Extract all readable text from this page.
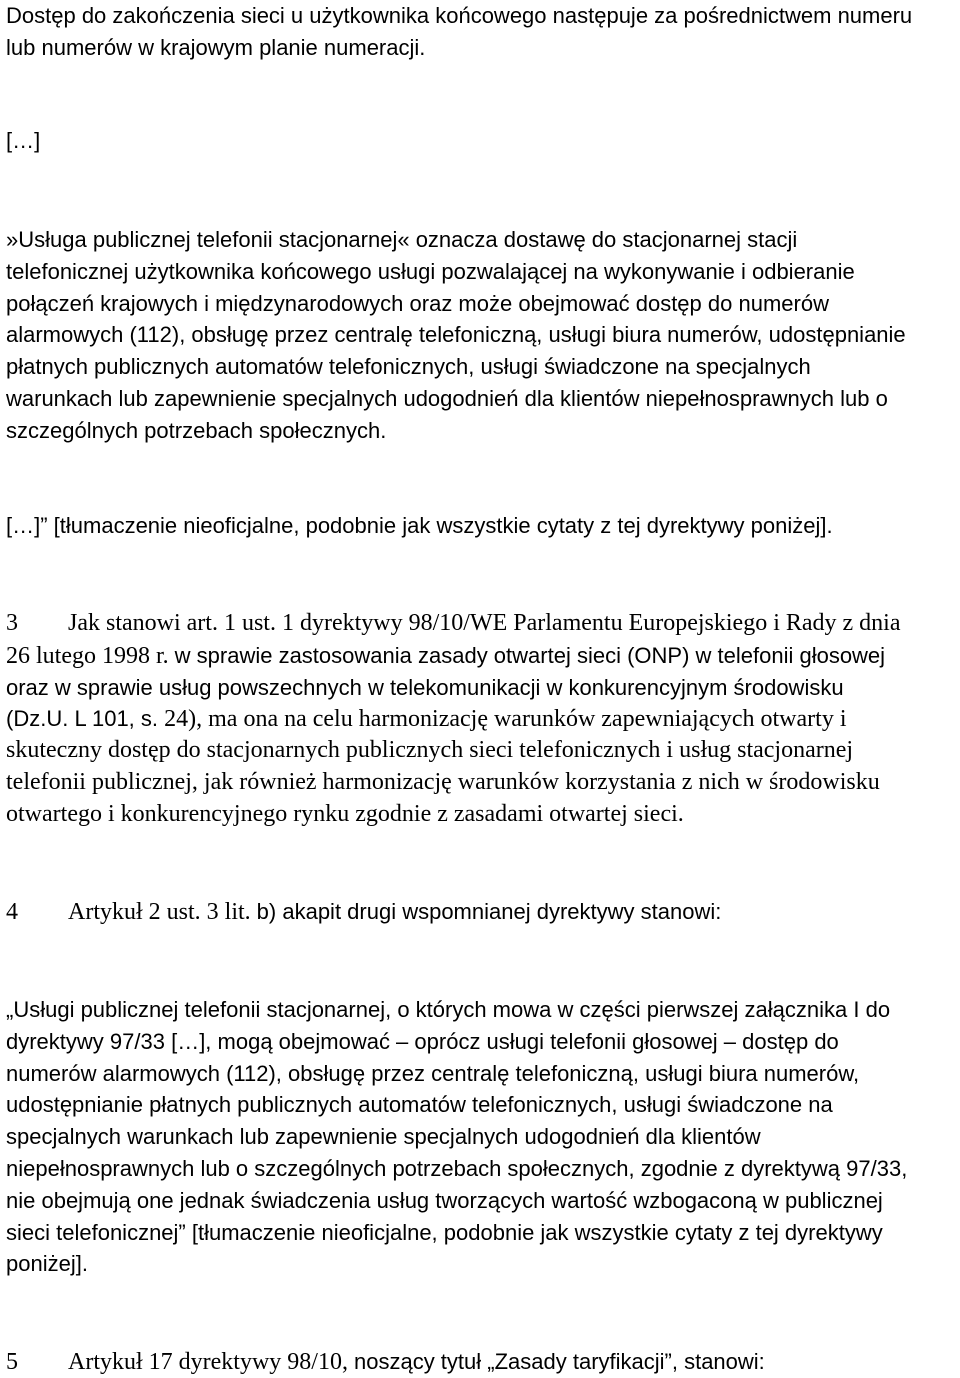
Dostęp do zakończenia sieci u użytkownika końcowego następuje za pośrednictwem numeru
lub numerów w krajowym planie numeracji.
[…]
»Usługa publicznej telefonii stacjonarnej« oznacza dostawę do stacjonarnej stacji
telefonicznej użytkownika końcowego usługi pozwalającej na wykonywanie i odbieranie
połączeń krajowych i międzynarodowych oraz może obejmować dostęp do numerów
alarmowych (112), obsługę przez centralę telefoniczną, usługi biura numerów, udostępnianie
płatnych publicznych automatów telefonicznych, usługi świadczone na specjalnych
warunkach lub zapewnienie specjalnych udogodnień dla klientów niepełnosprawnych lub o
szczególnych potrzebach społecznych.
[…]” [tłumaczenie nieoficjalne, podobnie jak wszystkie cytaty z tej dyrektywy poniżej].
3 Jak stanowi art. 1 ust. 1 dyrektywy 98/10/WE Parlamentu Europejskiego i Rady z dnia
26 lutego 1998 r. w sprawie zastosowania zasady otwartej sieci (ONP) w telefonii głosowej
oraz w sprawie usług powszechnych w telekomunikacji w konkurencyjnym środowisku
(Dz.U. L 101, s. 24), ma ona na celu harmonizację warunków zapewniających otwarty i
skuteczny dostęp do stacjonarnych publicznych sieci telefonicznych i usług stacjonarnej
telefonii publicznej, jak również harmonizację warunków korzystania z nich w środowisku
otwartego i konkurencyjnego rynku zgodnie z zasadami otwartej sieci.
4 Artykuł 2 ust. 3 lit. b) akapit drugi wspomnianej dyrektywy stanowi:
„Usługi publicznej telefonii stacjonarnej, o których mowa w części pierwszej załącznika I do
dyrektywy 97/33 […], mogą obejmować – oprócz usługi telefonii głosowej – dostęp do
numerów alarmowych (112), obsługę przez centralę telefoniczną, usługi biura numerów,
udostępnianie płatnych publicznych automatów telefonicznych, usługi świadczone na
specjalnych warunkach lub zapewnienie specjalnych udogodnień dla klientów
niepełnosprawnych lub o szczególnych potrzebach społecznych, zgodnie z dyrektywą 97/33,
nie obejmują one jednak świadczenia usług tworzących wartość wzbogaconą w publicznej
sieci telefonicznej” [tłumaczenie nieoficjalne, podobnie jak wszystkie cytaty z tej dyrektywy
poniżej].
5 Artykuł 17 dyrektywy 98/10, noszący tytuł „Zasady taryfikacji”, stanowi:
